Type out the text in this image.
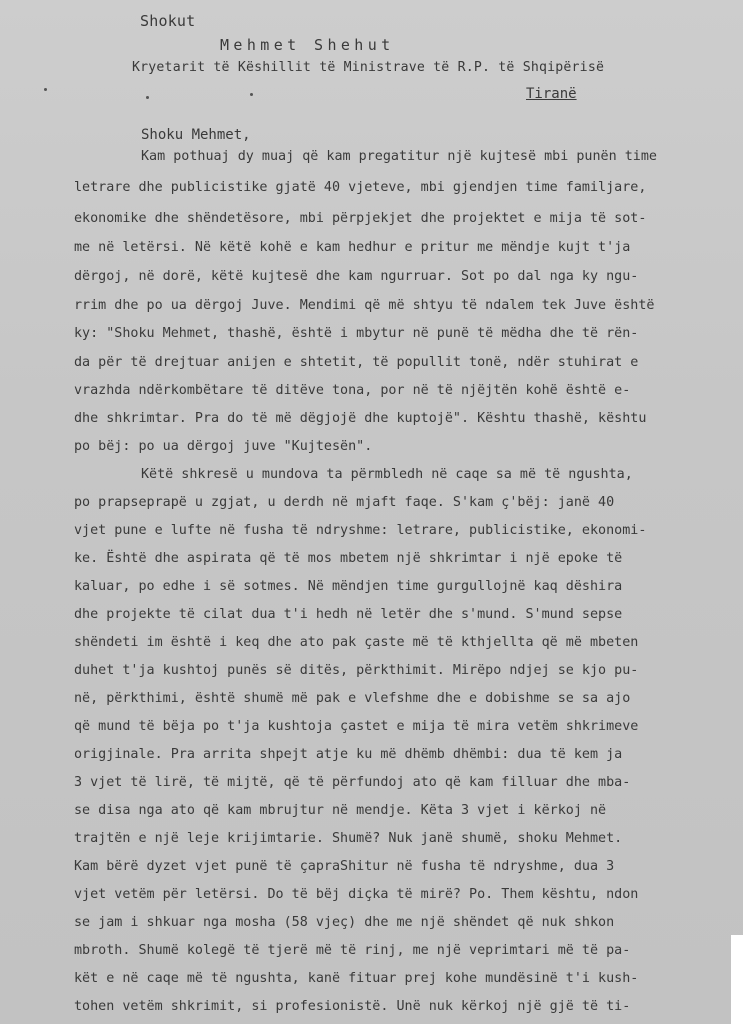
Shokut
Mehmet Shehut
Kryetarit të Këshillit të Ministrave të R.P. të Shqipërisë
Tiranë
Shoku Mehmet,
Kam pothuaj dy muaj që kam pregatitur një kujtesë mbi punën time
letrare dhe publicistike gjatë 40 vjeteve, mbi gjendjen time familjare,
ekonomike dhe shëndetësore, mbi përpjekjet dhe projektet e mija të sot-
me në letërsi. Në këtë kohë e kam hedhur e pritur me mëndje kujt t'ja
dërgoj, në dorë, këtë kujtesë dhe kam ngurruar. Sot po dal nga ky ngu-
rrim dhe po ua dërgoj Juve. Mendimi që më shtyu të ndalem tek Juve është
ky: "Shoku Mehmet, thashë, është i mbytur në punë të mëdha dhe të rën-
da për të drejtuar anijen e shtetit, të popullit tonë, ndër stuhirat e
vrazhda ndërkombëtare të ditëve tona, por në të njëjtën kohë është e-
dhe shkrimtar. Pra do të më dëgjojë dhe kuptojë". Kështu thashë, kështu
po bëj: po ua dërgoj juve "Kujtesën".
Këtë shkresë u mundova ta përmbledh në caqe sa më të ngushta,
po prapseprapë u zgjat, u derdh në mjaft faqe. S'kam ç'bëj: janë 40
vjet pune e lufte në fusha të ndryshme: letrare, publicistike, ekonomi-
ke. Është dhe aspirata që të mos mbetem një shkrimtar i një epoke të
kaluar, po edhe i së sotmes. Në mëndjen time gurgullojnë kaq dëshira
dhe projekte të cilat dua t'i hedh në letër dhe s'mund. S'mund sepse
shëndeti im është i keq dhe ato pak çaste më të kthjellta që më mbeten
duhet t'ja kushtoj punës së ditës, përkthimit. Mirëpo ndjej se kjo pu-
në, përkthimi, është shumë më pak e vlefshme dhe e dobishme se sa ajo
që mund të bëja po t'ja kushtoja çastet e mija të mira vetëm shkrimeve
origjinale. Pra arrita shpejt atje ku më dhëmb dhëmbi: dua të kem ja
3 vjet të lirë, të mijtë, që të përfundoj ato që kam filluar dhe mba-
se disa nga ato që kam mbrujtur në mendje. Këta 3 vjet i kërkoj në
trajtën e një leje krijimtarie. Shumë? Nuk janë shumë, shoku Mehmet.
Kam bërë dyzet vjet punë të çapraShitur në fusha të ndryshme, dua 3
vjet vetëm për letërsi. Do të bëj diçka të mirë? Po. Them kështu, ndon
se jam i shkuar nga mosha (58 vjeç) dhe me një shëndet që nuk shkon
mbroth. Shumë kolegë të tjerë më të rinj, me një veprimtari më të pa-
kët e në caqe më të ngushta, kanë fituar prej kohe mundësinë t'i kush-
tohen vetëm shkrimit, si profesionistë. Unë nuk kërkoj një gjë të ti-
